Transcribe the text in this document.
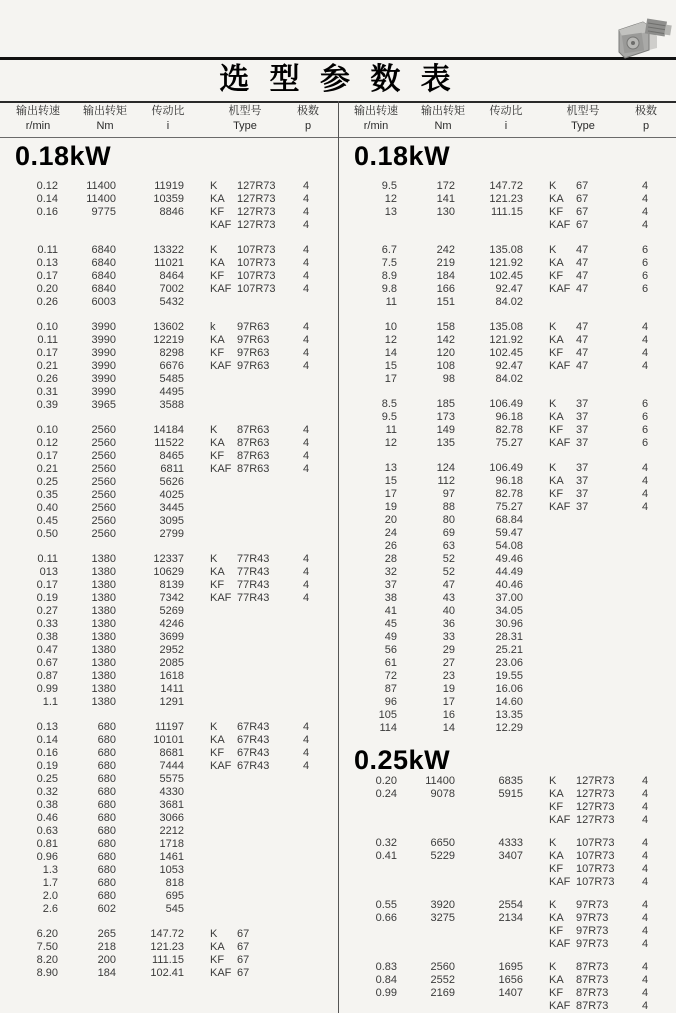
选 型 参 数 表
输出转速
r/min
输出转矩
Nm
传动比
i
机型号
Type
极数
p
输出转速
r/min
输出转矩
Nm
传动比
i
机型号
Type
极数
p
0.18kW
0.12	11400	11919	K	127R73	4
0.14	11400	10359	KA	127R73	4
0.16	9775	8846	KF	127R73	4
KAF 127R73	4
0.11	6840	13322	K	107R73	4
0.13	6840	11021	KA	107R73	4
0.17	6840	8464	KF	107R73	4
0.20	6840	7002	KAF 107R73	4
0.26	6003	5432
0.10	3990	13602	k	97R63	4
0.11	3990	12219	KA	97R63	4
0.17	3990	8298	KF	97R63	4
0.21	3990	6676	KAF 97R63	4
0.26	3990	5485
0.31	3990	4495
0.39	3965	3588
0.10	2560	14184	K	87R63	4
0.12	2560	11522	KA	87R63	4
0.17	2560	8465	KF	87R63	4
0.21	2560	6811	KAF 87R63	4
0.25	2560	5626
0.35	2560	4025
0.40	2560	3445
0.45	2560	3095
0.50	2560	2799
0.11	1380	12337	K	77R43	4
013	1380	10629	KA	77R43	4
0.17	1380	8139	KF	77R43	4
0.19	1380	7342	KAF 77R43	4
0.27	1380	5269
0.33	1380	4246
0.38	1380	3699
0.47	1380	2952
0.67	1380	2085
0.87	1380	1618
0.99	1380	1411
1.1	1380	1291
0.13	680	11197	K	67R43	4
0.14	680	10101	KA	67R43	4
0.16	680	8681	KF	67R43	4
0.19	680	7444	KAF 67R43	4
0.25	680	5575
0.32	680	4330
0.38	680	3681
0.46	680	3066
0.63	680	2212
0.81	680	1718
0.96	680	1461
1.3	680	1053
1.7	680	818
2.0	680	695
2.6	602	545
6.20	265	147.72	K	67
7.50	218	121.23	KA	67
8.20	200	111.15	KF	67
8.90	184	102.41	KAF 67
0.18kW
9.5	172	147.72	K	67	4
12	141	121.23	KA	67	4
13	130	111.15	KF	67	4
KAF 67	4
6.7	242	135.08	K	47	6
7.5	219	121.92	KA	47	6
8.9	184	102.45	KF	47	6
9.8	166	92.47	KAF 47	6
11	151	84.02
10	158	135.08	K	47	4
12	142	121.92	KA	47	4
14	120	102.45	KF	47	4
15	108	92.47	KAF 47	4
17	98	84.02
8.5	185	106.49	K	37	6
9.5	173	96.18	KA	37	6
11	149	82.78	KF	37	6
12	135	75.27	KAF 37	6
13	124	106.49	K	37	4
15	112	96.18	KA	37	4
17	97	82.78	KF	37	4
19	88	75.27	KAF 37	4
20	80	68.84
24	69	59.47
26	63	54.08
28	52	49.46
32	52	44.49
37	47	40.46
38	43	37.00
41	40	34.05
45	36	30.96
49	33	28.31
56	29	25.21
61	27	23.06
72	23	19.55
87	19	16.06
96	17	14.60
105	16	13.35
114	14	12.29
0.25kW
0.20	11400	6835	K	127R73	4
0.24	9078	5915	KA	127R73	4
KF	127R73	4
KAF 127R73	4
0.32	6650	4333	K	107R73	4
0.41	5229	3407	KA	107R73	4
KF	107R73	4
KAF 107R73	4
0.55	3920	2554	K	97R73	4
0.66	3275	2134	KA	97R73	4
KF	97R73	4
KAF 97R73	4
0.83	2560	1695	K	87R73	4
0.84	2552	1656	KA	87R73	4
0.99	2169	1407	KF	87R73	4
KAF 87R73	4
